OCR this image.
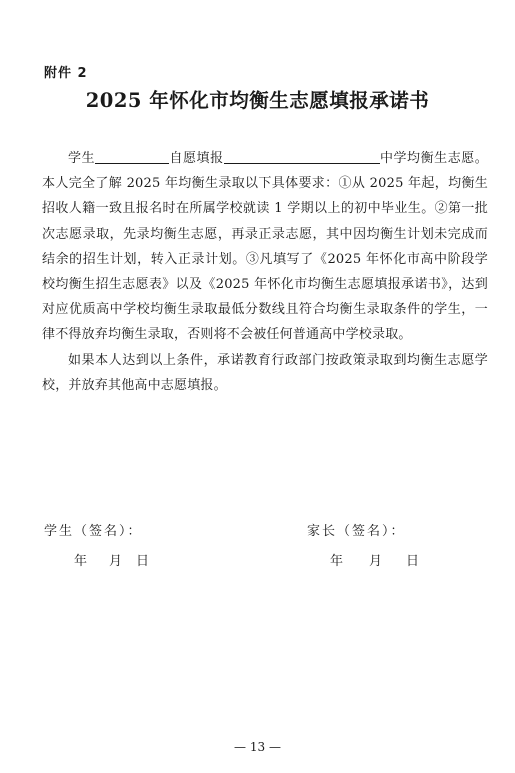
附件 2
2025 年怀化市均衡生志愿填报承诺书

学生	自愿填报	中学均衡生志愿。本人完全了解 2025 年均衡生录取以下具体要求：①从 2025 年起，均衡生招收人籍一致且报名时在所属学校就读 1 学期以上的初中毕业生。②第一批次志愿录取，先录均衡生志愿，再录正录志愿，其中因均衡生计划未完成而结余的招生计划，转入正录计划。③凡填写了《2025 年怀化市高中阶段学校均衡生招生志愿表》以及《2025 年怀化市均衡生志愿填报承诺书》，达到对应优质高中学校均衡生录取最低分数线且符合均衡生录取条件的学生，一律不得放弃均衡生录取，否则将不会被任何普通高中学校录取。

如果本人达到以上条件，承诺教育行政部门按政策录取到均衡生志愿学校，并放弃其他高中志愿填报。

学生（签名）：	家长（签名）：
年 月 日	年 月 日
— 13 —
